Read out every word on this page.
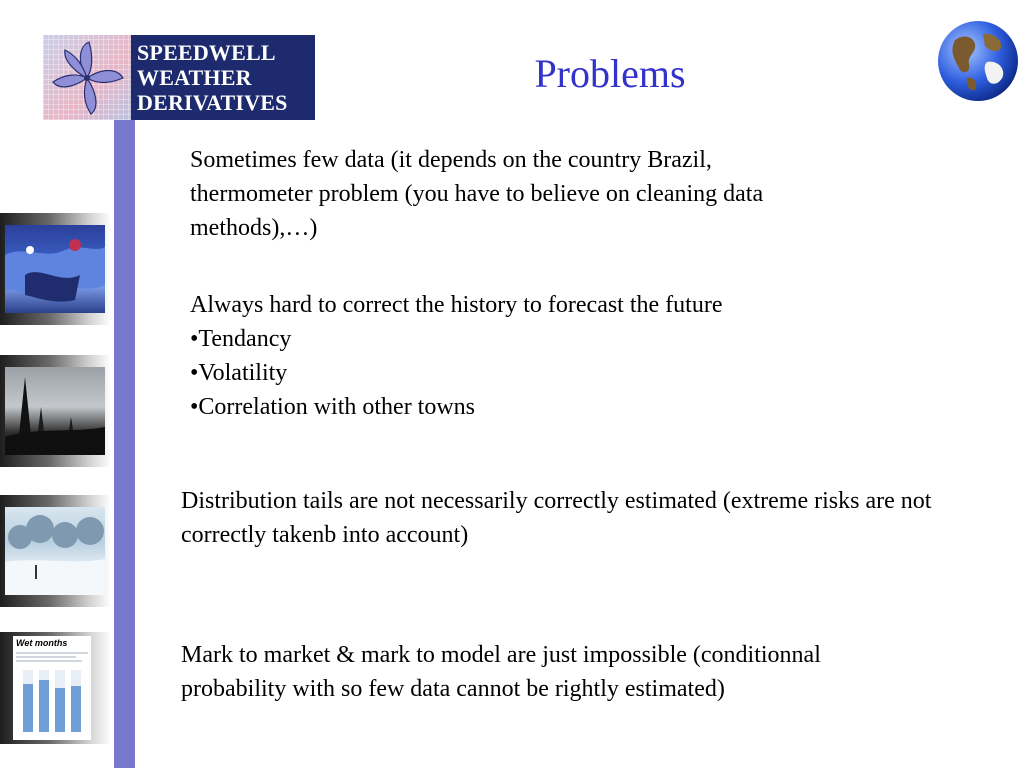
SPEEDWELL
WEATHER
DERIVATIVES
Problems
Wet months

Sometimes few data (it depends on the country Brazil, thermometer problem (you have to believe on cleaning data methods),…)

Always hard to correct the history to forecast the future

•Tendancy

•Volatility

•Correlation with other towns

Distribution tails are not necessarily correctly estimated (extreme risks are not correctly takenb into account)

Mark to market & mark to model are just impossible (conditionnal probability with so few data cannot be rightly estimated)
